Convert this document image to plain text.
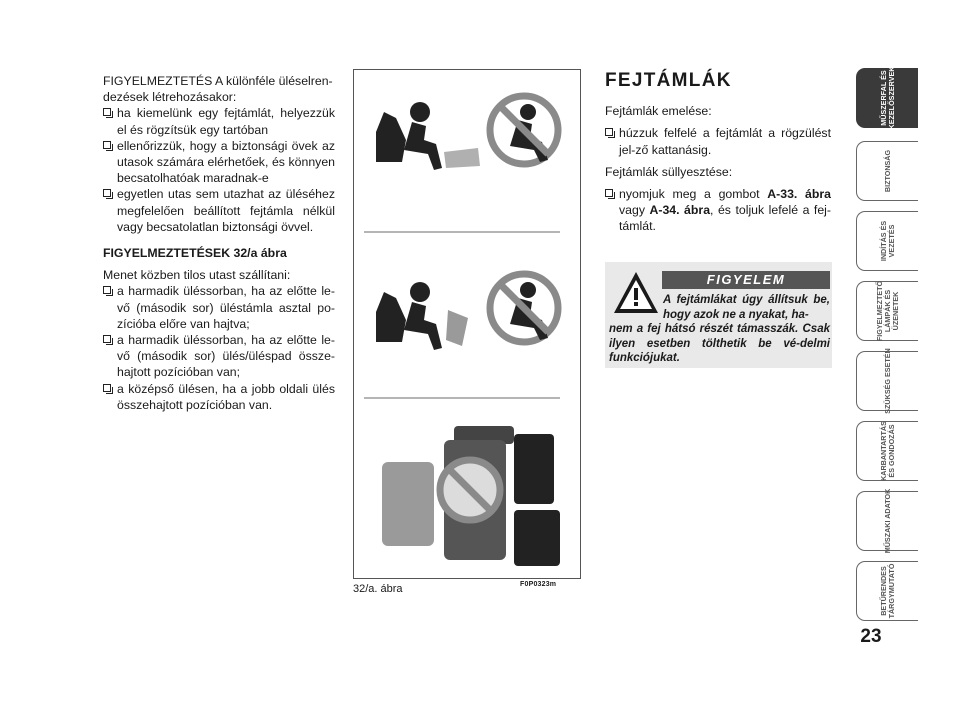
FIGYELMEZTETÉS A különféle üléselren-dezések létrehozásakor:

ha kiemelünk egy fejtámlát, helyezzük el és rögzítsük egy tartóban

ellenőrizzük, hogy a biztonsági övek az utasok számára elérhetőek, és könnyen becsatolhatóak maradnak-e

egyetlen utas sem utazhat az üléséhez megfelelően beállított fejtámla nélkül vagy becsatolatlan biztonsági övvel.

FIGYELMEZTETÉSEK 32/a ábra

Menet közben tilos utast szállítani:

a harmadik üléssorban, ha az előtte le-vő (második sor) üléstámla asztal po-zícióba előre van hajtva;

a harmadik üléssorban, ha az előtte le-vő (második sor) ülés/üléspad össze-hajtott pozícióban van;

a középső ülésen, ha a jobb oldali ülés összehajtott pozícióban van.

32/a. ábra	F0P0323m

FEJTÁMLÁK

Fejtámlák emelése:

húzzuk felfelé a fejtámlát a rögzülést jel-ző kattanásig.

Fejtámlák süllyesztése:

nyomjuk meg a gombot A-33. ábra vagy A-34. ábra, és toljuk lefelé a fej-támlát.

FIGYELEM
A fejtámlákat úgy állítsuk be, hogy azok ne a nyakat, ha-
nem a fej hátsó részét támasszák. Csak ilyen esetben tölthetik be vé-delmi funkciójukat.
MŰSZERFAL ÉS KEZELŐSZERVEK
BIZTONSÁG
INDÍTÁS ÉS VEZETÉS
FIGYELMEZTETŐ LÁMPÁK ÉS ÜZENETEK
SZÜKSÉG ESETÉN
KARBANTARTÁS ÉS GONDOZÁS
MŰSZAKI ADATOK
BETŰRENDES TÁRGYMUTATÓ
23
